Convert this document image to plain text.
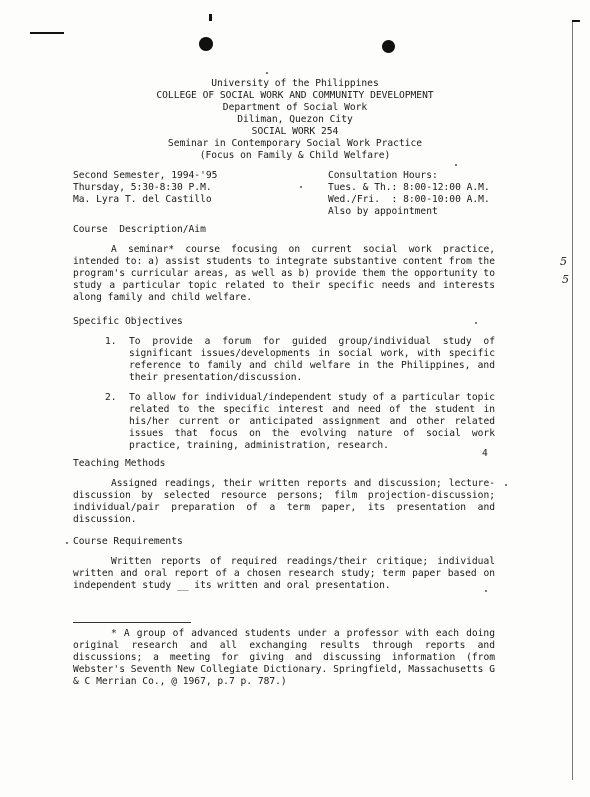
University of the Philippines
COLLEGE OF SOCIAL WORK AND COMMUNITY DEVELOPMENT
Department of Social Work
Diliman, Quezon City
SOCIAL WORK 254
Seminar in Contemporary Social Work Practice
(Focus on Family & Child Welfare)
Second Semester, 1994-'95
Thursday, 5:30-8:30 P.M.
Ma. Lyra T. del Castillo
Consultation Hours:
Tues. & Th.: 8:00-12:00 A.M.
Wed./Fri.  : 8:00-10:00 A.M.
Also by appointment
Course  Description/Aim
A seminar* course focusing on current social work practice, intended to: a) assist students to integrate substantive content from the program's curricular areas, as well as b) provide them the opportunity to study a particular topic related to their specific needs and interests along family and child welfare.
Specific Objectives
1. To provide a forum for guided group/individual study of significant issues/developments in social work, with specific reference to family and child welfare in the Philippines, and their presentation/discussion.
2. To allow for individual/independent study of a particular topic related to the specific interest and need of the student in his/her current or anticipated assignment and other related issues that focus on the evolving nature of social work practice, training, administration, research.
4
Teaching Methods
Assigned readings, their written reports and discussion; lecture-discussion by selected resource persons; film projection-discussion; individual/pair preparation of a term paper, its presentation and discussion.
Course Requirements
Written reports of required readings/their critique; individual written and oral report of a chosen research study; term paper based on independent study __ its written and oral presentation.
* A group of advanced students under a professor with each doing original research and all exchanging results through reports and discussions; a meeting for giving and discussing information (from Webster's Seventh New Collegiate Dictionary. Springfield, Massachusetts G & C Merrian Co., @ 1967, p.7 p. 787.)
5
5
